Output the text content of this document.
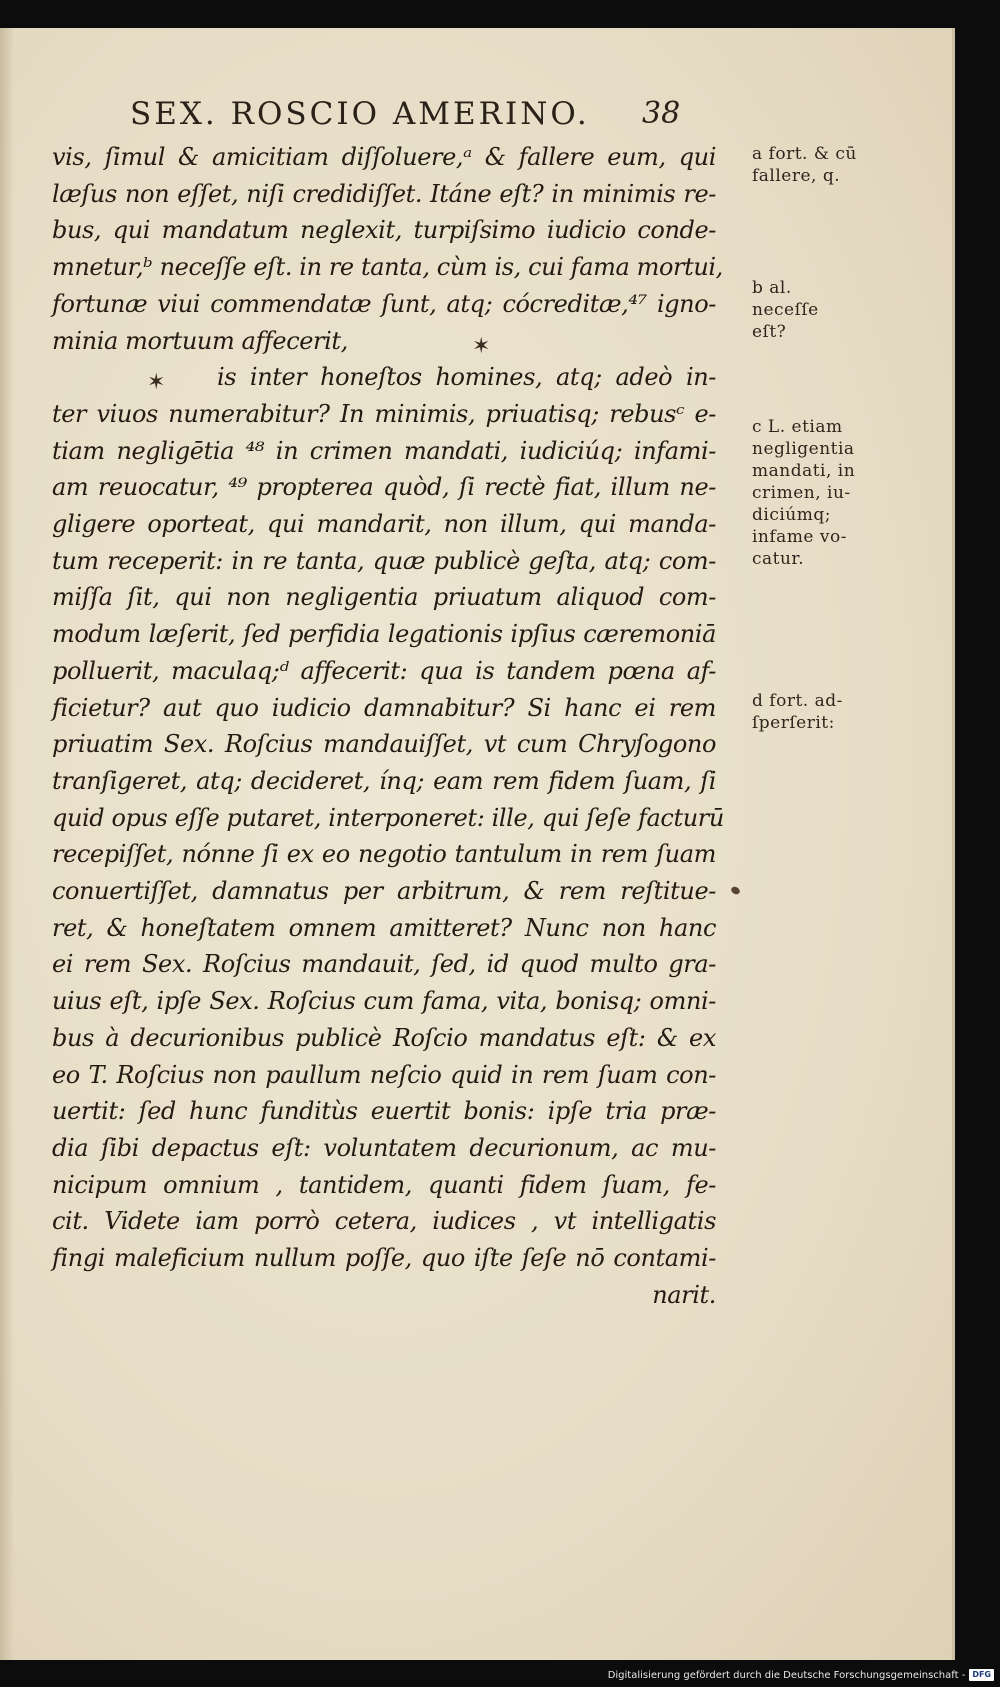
SEX. ROSCIO AMERINO. 38
vis, ſimul & amicitiam diſſoluere,ᵃ & fallere eum, qui
læſus non eſſet, niſi credidiſſet. Itáne eſt? in minimis re-
bus, qui mandatum neglexit, turpiſsimo iudicio conde-
mnetur,ᵇ neceſſe eſt. in re tanta, cùm is, cui fama mortui,
fortunæ viui commendatæ ſunt, atq; cócreditæ,⁴⁷ igno-
minia mortuum affecerit,
is inter honeſtos homines, atq; adeò in-
ter viuos numerabitur? In minimis, priuatisq; rebusᶜ e-
tiam negligētia ⁴⁸ in crimen mandati, iudiciúq; infami-
am reuocatur, ⁴⁹ propterea quòd, ſi rectè fiat, illum ne-
gligere oporteat, qui mandarit, non illum, qui manda-
tum receperit: in re tanta, quæ publicè geſta, atq; com-
miſſa ſit, qui non negligentia priuatum aliquod com-
modum læſerit, ſed perfidia legationis ipſius cæremoniā
polluerit, maculaq;ᵈ affecerit: qua is tandem pœna af-
ficietur? aut quo iudicio damnabitur? Si hanc ei rem
priuatim Sex. Roſcius mandauiſſet, vt cum Chryſogono
tranſigeret, atq; decideret, ínq; eam rem fidem ſuam, ſi
quid opus eſſe putaret, interponeret: ille, qui ſeſe facturū
recepiſſet, nónne ſi ex eo negotio tantulum in rem ſuam
conuertiſſet, damnatus per arbitrum, & rem reſtitue-
ret, & honeſtatem omnem amitteret? Nunc non hanc
ei rem Sex. Roſcius mandauit, ſed, id quod multo gra-
uius eſt, ipſe Sex. Roſcius cum fama, vita, bonisq; omni-
bus à decurionibus publicè Roſcio mandatus eſt: & ex
eo T. Roſcius non paullum neſcio quid in rem ſuam con-
uertit: ſed hunc funditùs euertit bonis: ipſe tria præ-
dia ſibi depactus eſt: voluntatem decurionum, ac mu-
nicipum omnium , tantidem, quanti fidem ſuam, fe-
cit. Videte iam porrò cetera, iudices , vt intelligatis
fingi maleficium nullum poſſe, quo iſte ſeſe nō contami-
narit.
✶
✶
a fort. & cū
fallere, q.
b al. neceſſe
eſt?
c L. etiam
negligentia
mandati, in
crimen, iu-
diciúmq;
infame vo-
catur.
d fort. ad-
ſperſerit:
Digitalisierung gefördert durch die Deutsche Forschungsgemeinschaft - DFG
